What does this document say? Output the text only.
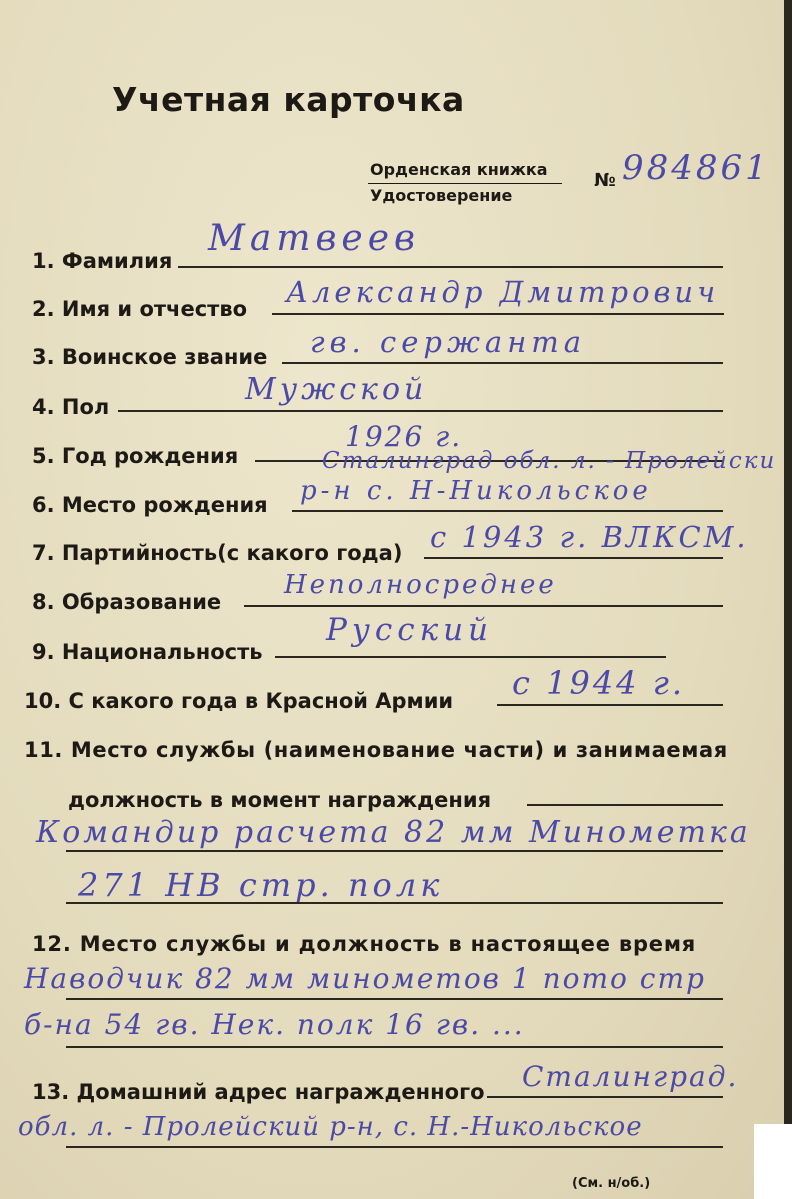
Учетная карточка
Орденская книжка
Удостоверение
№ 984861
1. Фамилия
Матвеев
2. Имя и отчество Александр Дмитрович
3. Воинское звание гв. сержанта
4. Пол	Мужской
5. Год рождения
1926 г.
6. Место рождения
Сталинград обл. л. - Пролейски
р-н с. Н-Никольское
7. Партийность(с какого года) с 1943 г. ВЛКСМ.
8. Образование
Неполносреднее
9. Национальность
Русский
10. С какого года в Красной Армии с 1944 г.
11. Место службы (наименование части) и занимаемая
должность в момент награждения
Командир расчета 82 мм Минометка
271 НВ стр. полк
12. Место службы и должность в настоящее время
Наводчик 82 мм минометов 1 пото стр
б-на 54 гв. Нек. полк 16 гв. ...
13. Домашний адрес награжденного Сталинград.
обл. л. - Пролейский р-н, с. Н.-Никольское
(См. н/об.)
